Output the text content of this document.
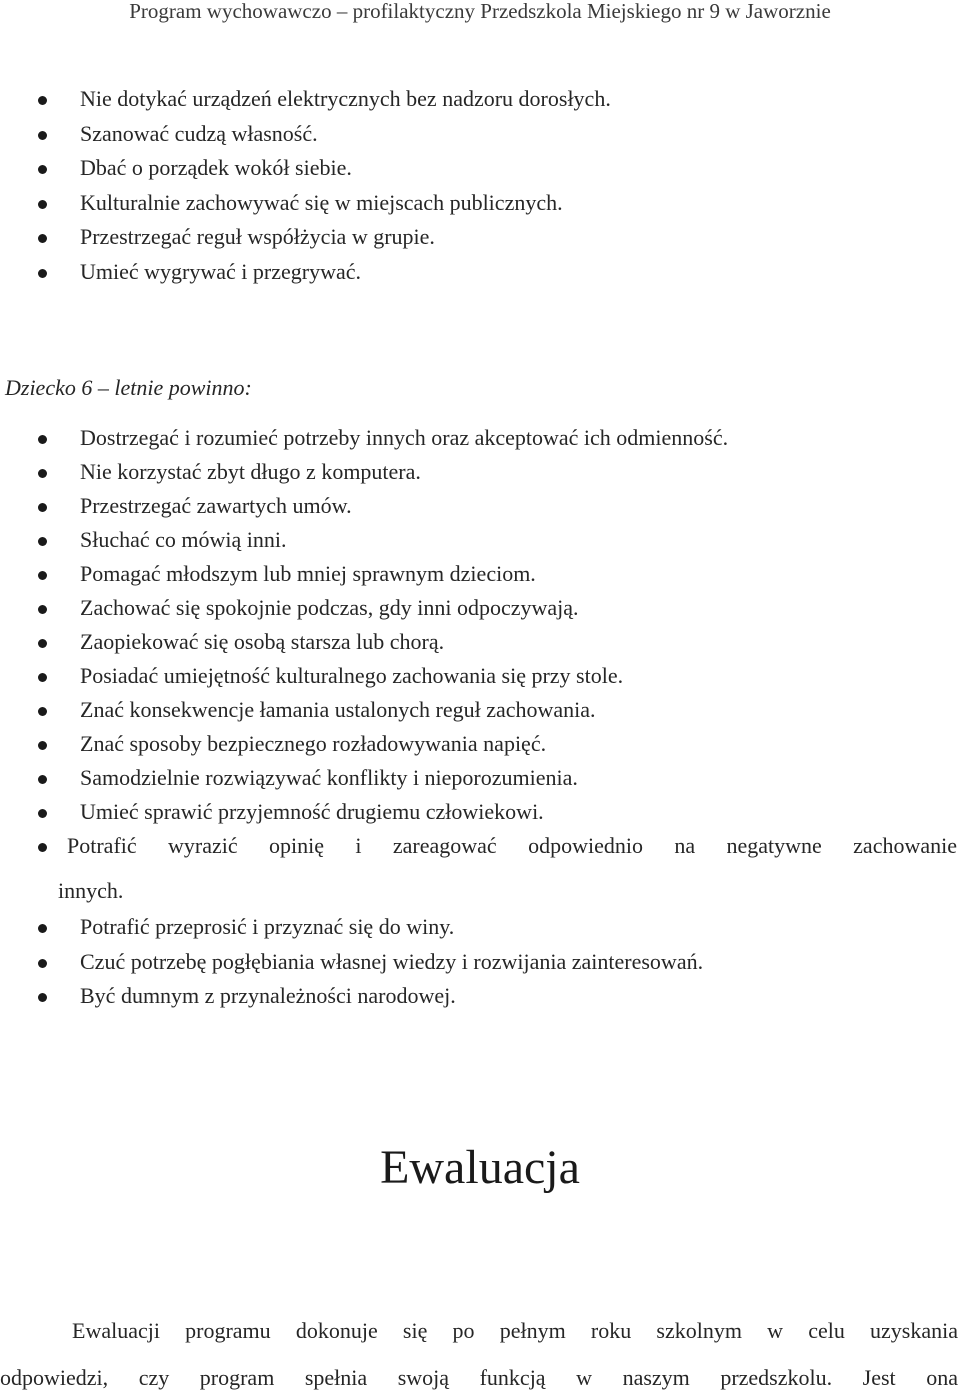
Program wychowawczo – profilaktyczny Przedszkola Miejskiego nr 9 w Jaworznie
Nie dotykać urządzeń elektrycznych bez nadzoru dorosłych.
Szanować cudzą własność.
Dbać o porządek wokół siebie.
Kulturalnie zachowywać się w miejscach publicznych.
Przestrzegać reguł współżycia w grupie.
Umieć wygrywać i przegrywać.
Dziecko 6 – letnie powinno:
Dostrzegać i rozumieć potrzeby innych oraz akceptować ich odmienność.
Nie korzystać zbyt długo z komputera.
Przestrzegać zawartych umów.
Słuchać co mówią inni.
Pomagać młodszym lub mniej sprawnym dzieciom.
Zachować się spokojnie podczas, gdy inni odpoczywają.
Zaopiekować się osobą starsza lub chorą.
Posiadać umiejętność kulturalnego zachowania się przy stole.
Znać konsekwencje łamania ustalonych reguł zachowania.
Znać sposoby bezpiecznego rozładowywania napięć.
Samodzielnie rozwiązywać konflikty i nieporozumienia.
Umieć sprawić przyjemność drugiemu człowiekowi.
Potrafić wyrazić opinię i zareagować odpowiednio na negatywne zachowanie
innych.
Potrafić przeprosić i przyznać się do winy.
Czuć potrzebę pogłębiania własnej wiedzy i rozwijania zainteresowań.
Być dumnym z przynależności narodowej.
Ewaluacja
Ewaluacji programu dokonuje się po pełnym roku szkolnym w celu uzyskania
odpowiedzi, czy program spełnia swoją funkcją w naszym przedszkolu. Jest ona
